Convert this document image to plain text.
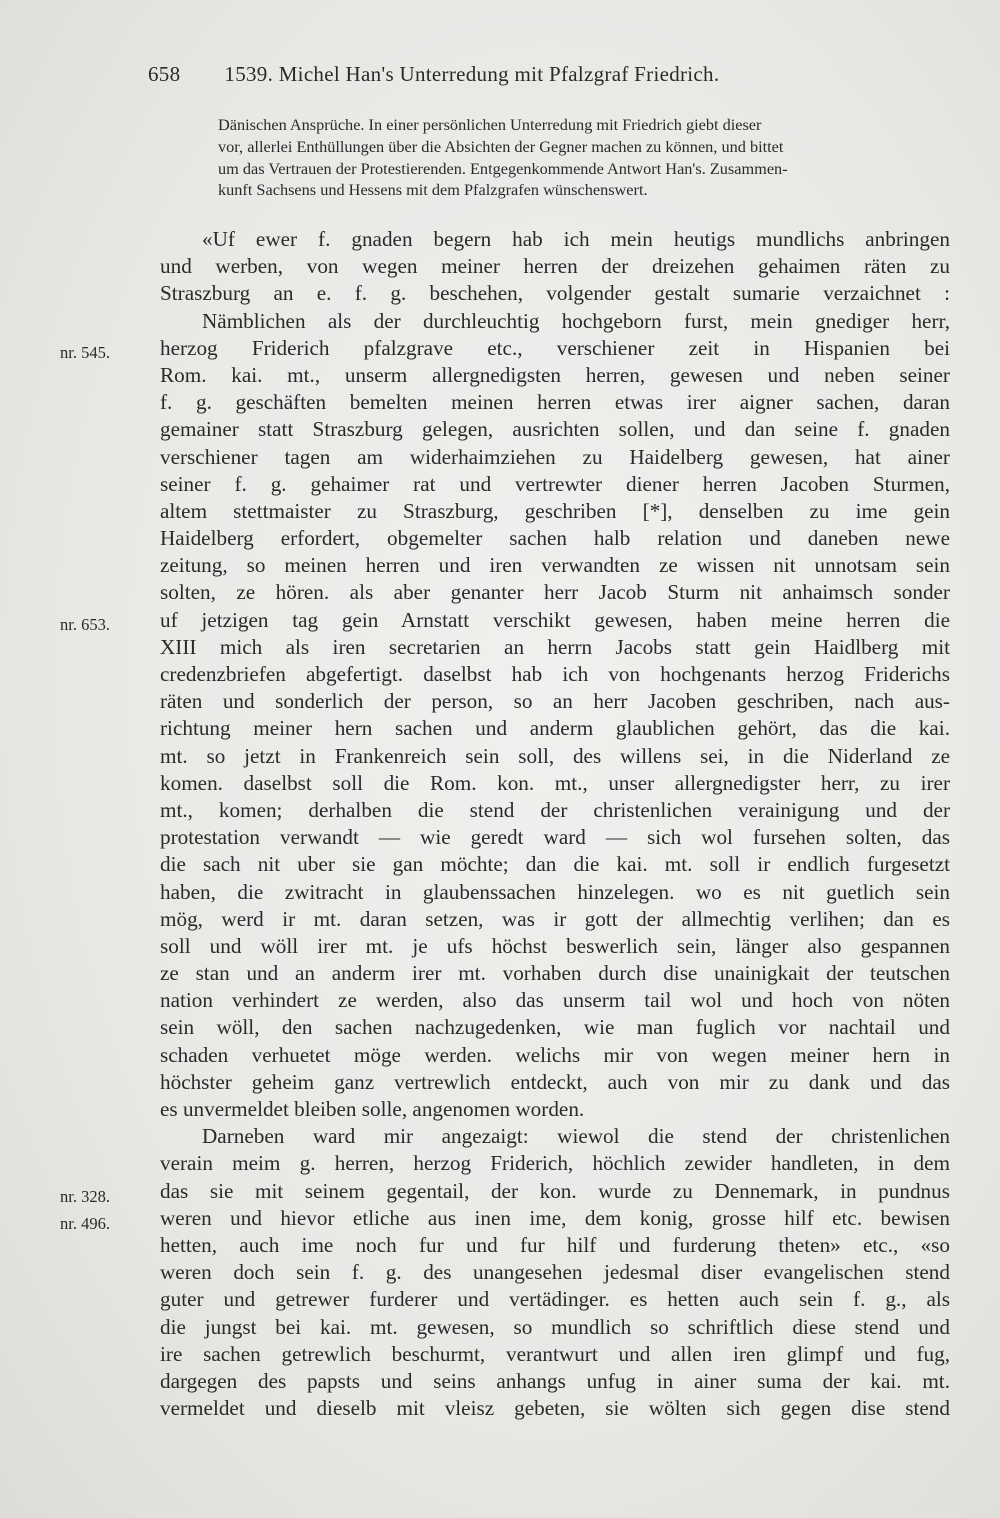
658 1539. Michel Han's Unterredung mit Pfalzgraf Friedrich.
Dänischen Ansprüche. In einer persönlichen Unterredung mit Friedrich giebt dieser
vor, allerlei Enthüllungen über die Absichten der Gegner machen zu können, und bittet
um das Vertrauen der Protestierenden. Entgegenkommende Antwort Han's. Zusammen-
kunft Sachsens und Hessens mit dem Pfalzgrafen wünschenswert.
«Uf ewer f. gnaden begern hab ich mein heutigs mundlichs anbringen
und werben, von wegen meiner herren der dreizehen gehaimen räten zu
Straszburg an e. f. g. beschehen, volgender gestalt sumarie verzaichnet :
Nämblichen als der durchleuchtig hochgeborn furst, mein gnediger herr,
herzog Friderich pfalzgrave etc., verschiener zeit in Hispanien bei
Rom. kai. mt., unserm allergnedigsten herren, gewesen und neben seiner
f. g. geschäften bemelten meinen herren etwas irer aigner sachen, daran
gemainer statt Straszburg gelegen, ausrichten sollen, und dan seine f. gnaden
verschiener tagen am widerhaimziehen zu Haidelberg gewesen, hat ainer
seiner f. g. gehaimer rat und vertrewter diener herren Jacoben Sturmen,
altem stettmaister zu Straszburg, geschriben [*], denselben zu ime gein
Haidelberg erfordert, obgemelter sachen halb relation und daneben newe
zeitung, so meinen herren und iren verwandten ze wissen nit unnotsam sein
solten, ze hören. als aber genanter herr Jacob Sturm nit anhaimsch sonder
uf jetzigen tag gein Arnstatt verschikt gewesen, haben meine herren die
XIII mich als iren secretarien an herrn Jacobs statt gein Haidlberg mit
credenzbriefen abgefertigt. daselbst hab ich von hochgenants herzog Friderichs
räten und sonderlich der person, so an herr Jacoben geschriben, nach aus-
richtung meiner hern sachen und anderm glaublichen gehört, das die kai.
mt. so jetzt in Frankenreich sein soll, des willens sei, in die Niderland ze
komen. daselbst soll die Rom. kon. mt., unser allergnedigster herr, zu irer
mt., komen; derhalben die stend der christenlichen verainigung und der
protestation verwandt — wie geredt ward — sich wol fursehen solten, das
die sach nit uber sie gan möchte; dan die kai. mt. soll ir endlich furgesetzt
haben, die zwitracht in glaubenssachen hinzelegen. wo es nit guetlich sein
mög, werd ir mt. daran setzen, was ir gott der allmechtig verlihen; dan es
soll und wöll irer mt. je ufs höchst beswerlich sein, länger also gespannen
ze stan und an anderm irer mt. vorhaben durch dise unainigkait der teutschen
nation verhindert ze werden, also das unserm tail wol und hoch von nöten
sein wöll, den sachen nachzugedenken, wie man fuglich vor nachtail und
schaden verhuetet möge werden. welichs mir von wegen meiner hern in
höchster geheim ganz vertrewlich entdeckt, auch von mir zu dank und das
es unvermeldet bleiben solle, angenomen worden.
Darneben ward mir angezaigt: wiewol die stend der christenlichen
verain meim g. herren, herzog Friderich, höchlich zewider handleten, in dem
das sie mit seinem gegentail, der kon. wurde zu Dennemark, in pundnus
weren und hievor etliche aus inen ime, dem konig, grosse hilf etc. bewisen
hetten, auch ime noch fur und fur hilf und furderung theten» etc., «so
weren doch sein f. g. des unangesehen jedesmal diser evangelischen stend
guter und getrewer furderer und vertädinger. es hetten auch sein f. g., als
die jungst bei kai. mt. gewesen, so mundlich so schriftlich diese stend und
ire sachen getrewlich beschurmt, verantwurt und allen iren glimpf und fug,
dargegen des papsts und seins anhangs unfug in ainer suma der kai. mt.
vermeldet und dieselb mit vleisz gebeten, sie wölten sich gegen dise stend
nr. 545.
nr. 653.
nr. 328.
nr. 496.
